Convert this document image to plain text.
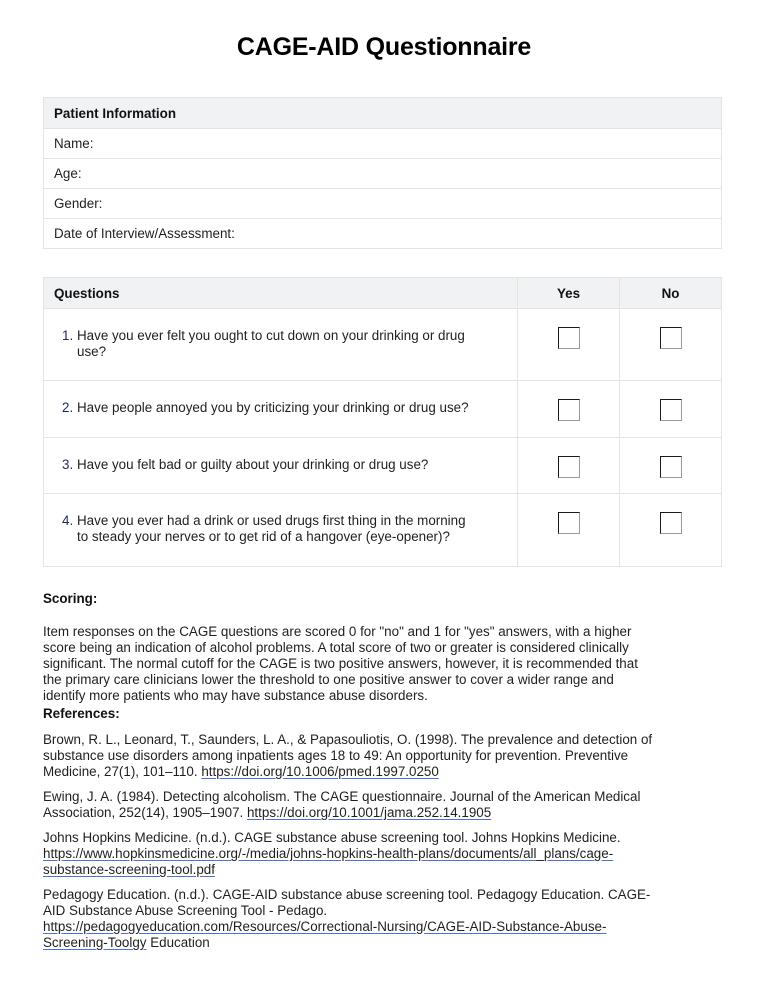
CAGE-AID Questionnaire
Patient Information
Name:
Age:
Gender:
Date of Interview/Assessment:
Questions	Yes	No

1. Have you ever felt you ought to cut down on your drinking or drug
use?		

2. Have people annoyed you by criticizing your drinking or drug use?		

3. Have you felt bad or guilty about your drinking or drug use?		

4. Have you ever had a drink or used drugs first thing in the morning
to steady your nerves or to get rid of a hangover (eye-opener)?		

Scoring:
Item responses on the CAGE questions are scored 0 for "no" and 1 for "yes" answers, with a higher
score being an indication of alcohol problems. A total score of two or greater is considered clinically
significant. The normal cutoff for the CAGE is two positive answers, however, it is recommended that
the primary care clinicians lower the threshold to one positive answer to cover a wider range and
identify more patients who may have substance abuse disorders.
References:
Brown, R. L., Leonard, T., Saunders, L. A., & Papasouliotis, O. (1998). The prevalence and detection of
substance use disorders among inpatients ages 18 to 49: An opportunity for prevention. Preventive
Medicine, 27(1), 101–110. https://doi.org/10.1006/pmed.1997.0250
Ewing, J. A. (1984). Detecting alcoholism. The CAGE questionnaire. Journal of the American Medical
Association, 252(14), 1905–1907. https://doi.org/10.1001/jama.252.14.1905
Johns Hopkins Medicine. (n.d.). CAGE substance abuse screening tool. Johns Hopkins Medicine.
https://www.hopkinsmedicine.org/-/media/johns-hopkins-health-plans/documents/all_plans/cage-
substance-screening-tool.pdf
Pedagogy Education. (n.d.). CAGE-AID substance abuse screening tool. Pedagogy Education. CAGE-
AID Substance Abuse Screening Tool - Pedago.
https://pedagogyeducation.com/Resources/Correctional-Nursing/CAGE-AID-Substance-Abuse-
Screening-Toolgy Education
